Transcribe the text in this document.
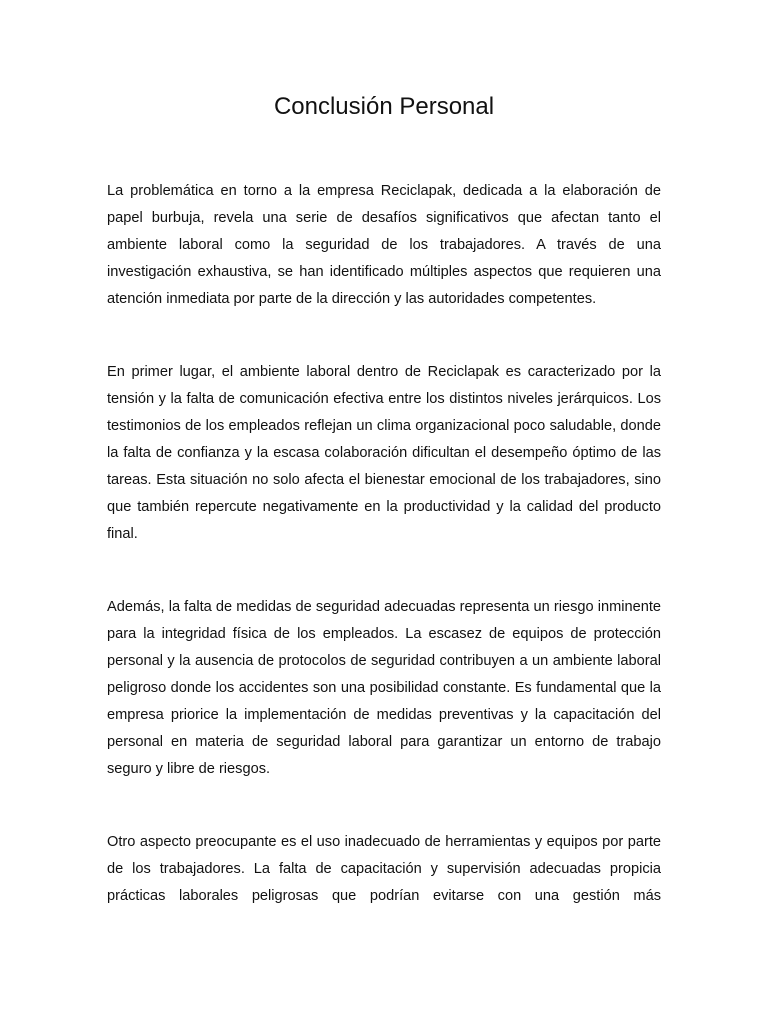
Conclusión Personal

La problemática en torno a la empresa Reciclapak, dedicada a la elaboración de papel burbuja, revela una serie de desafíos significativos que afectan tanto el ambiente laboral como la seguridad de los trabajadores. A través de una investigación exhaustiva, se han identificado múltiples aspectos que requieren una atención inmediata por parte de la dirección y las autoridades competentes.

En primer lugar, el ambiente laboral dentro de Reciclapak es caracterizado por la tensión y la falta de comunicación efectiva entre los distintos niveles jerárquicos. Los testimonios de los empleados reflejan un clima organizacional poco saludable, donde la falta de confianza y la escasa colaboración dificultan el desempeño óptimo de las tareas. Esta situación no solo afecta el bienestar emocional de los trabajadores, sino que también repercute negativamente en la productividad y la calidad del producto final.

Además, la falta de medidas de seguridad adecuadas representa un riesgo inminente para la integridad física de los empleados. La escasez de equipos de protección personal y la ausencia de protocolos de seguridad contribuyen a un ambiente laboral peligroso donde los accidentes son una posibilidad constante. Es fundamental que la empresa priorice la implementación de medidas preventivas y la capacitación del personal en materia de seguridad laboral para garantizar un entorno de trabajo seguro y libre de riesgos.

Otro aspecto preocupante es el uso inadecuado de herramientas y equipos por parte de los trabajadores. La falta de capacitación y supervisión adecuadas propicia prácticas laborales peligrosas que podrían evitarse con una gestión más
